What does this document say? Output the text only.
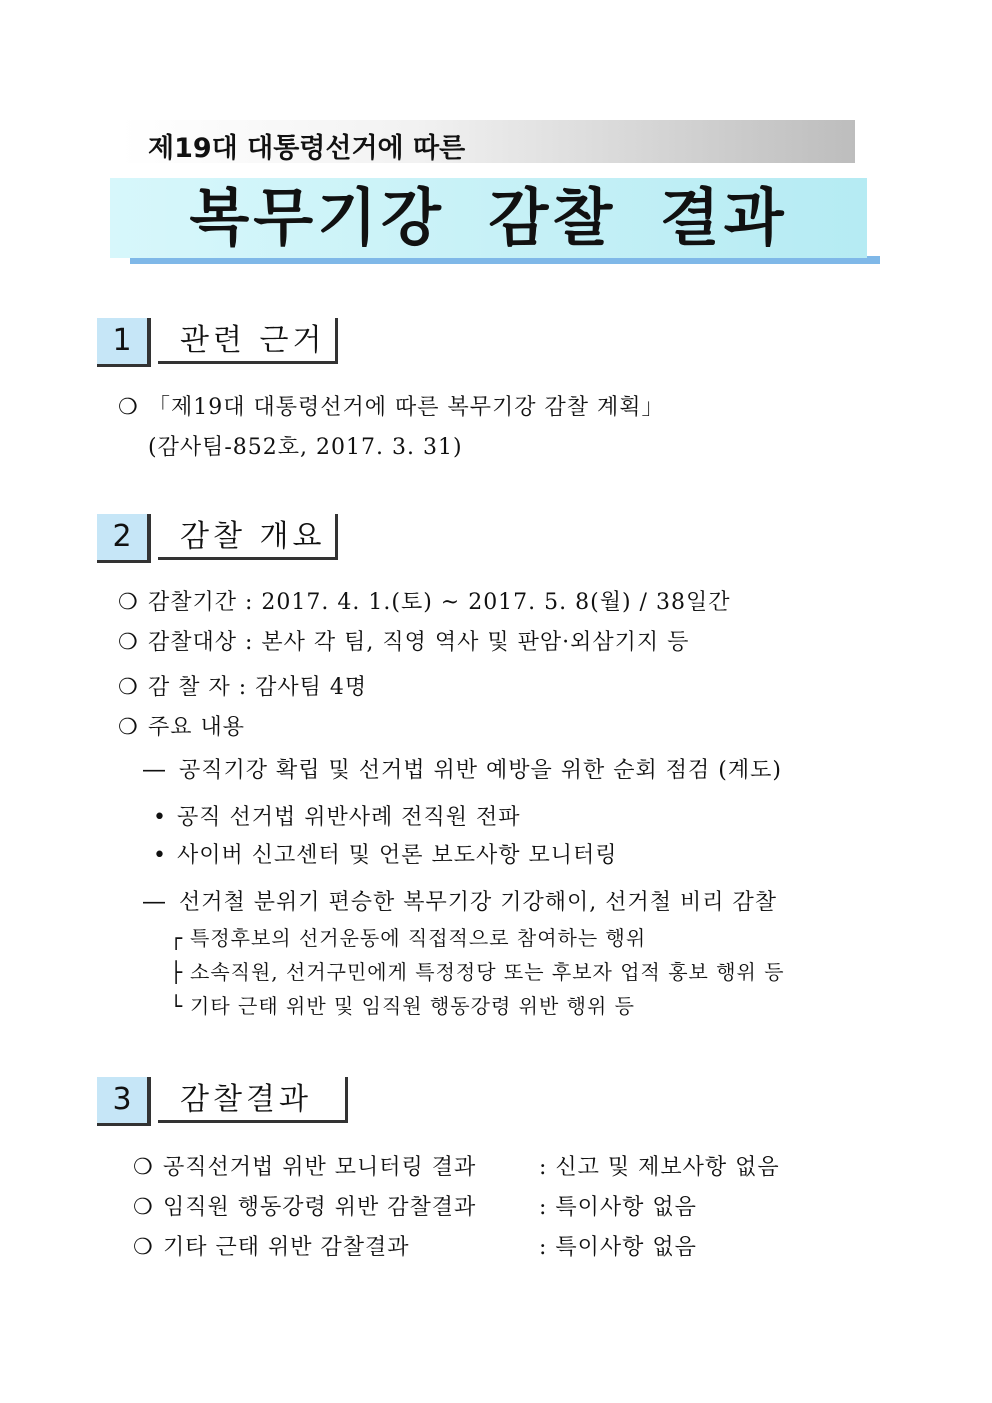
제19대 대통령선거에 따른
복무기강 감찰 결과
1	관련 근거
❍ 「제19대 대통령선거에 따른 복무기강 감찰 계획」
(감사팀-852호, 2017. 3. 31)
2	감찰 개요
❍ 감찰기간 : 2017. 4. 1.(토) ~ 2017. 5. 8(월) / 38일간
❍ 감찰대상 : 본사 각 팀, 직영 역사 및 판암·외삼기지 등
❍ 감 찰 자 : 감사팀 4명
❍ 주요 내용
― 공직기강 확립 및 선거법 위반 예방을 위한 순회 점검 (계도)
• 공직 선거법 위반사례 전직원 전파
• 사이버 신고센터 및 언론 보도사항 모니터링
― 선거철 분위기 편승한 복무기강 기강해이, 선거철 비리 감찰
┌ 특정후보의 선거운동에 직접적으로 참여하는 행위
├ 소속직원, 선거구민에게 특정정당 또는 후보자 업적 홍보 행위 등
└ 기타 근태 위반 및 임직원 행동강령 위반 행위 등
3	감찰결과
❍ 공직선거법 위반 모니터링 결과	: 신고 및 제보사항 없음
❍ 임직원 행동강령 위반 감찰결과	: 특이사항 없음
❍ 기타 근태 위반 감찰결과	: 특이사항 없음
